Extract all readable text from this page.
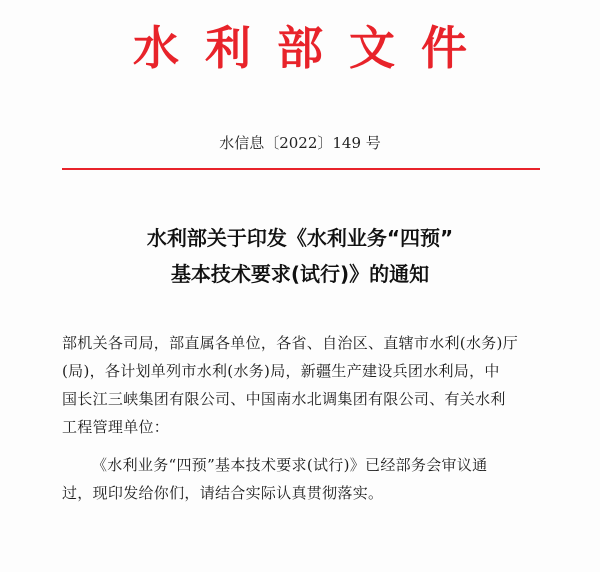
水利部文件
水信息〔2022〕149 号
水利部关于印发《水利业务“四预”
基本技术要求(试行)》的通知
部机关各司局，部直属各单位，各省、自治区、直辖市水利(水务)厅
(局)，各计划单列市水利(水务)局，新疆生产建设兵团水利局，中
国长江三峡集团有限公司、中国南水北调集团有限公司、有关水利
工程管理单位：
《水利业务“四预”基本技术要求(试行)》已经部务会审议通
过，现印发给你们，请结合实际认真贯彻落实。
